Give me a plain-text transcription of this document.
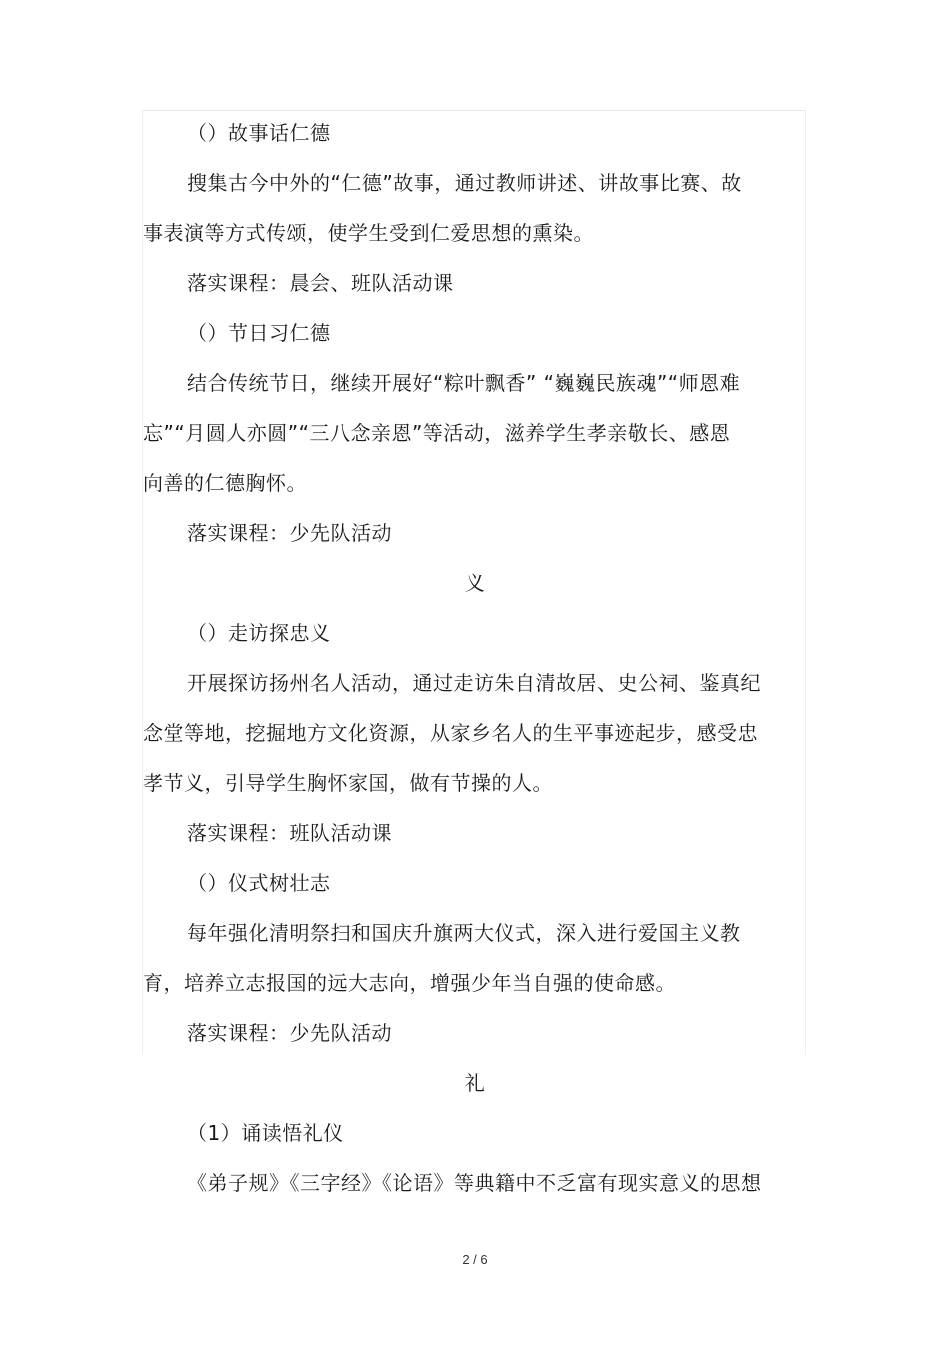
（）故事话仁德
搜集古今中外的“仁德”故事，通过教师讲述、讲故事比赛、故
事表演等方式传颂，使学生受到仁爱思想的熏染。
落实课程：晨会、班队活动课
（）节日习仁德
结合传统节日，继续开展好“粽叶飘香” “巍巍民族魂”“师恩难
忘”“月圆人亦圆”“三八念亲恩”等活动，滋养学生孝亲敬长、感恩
向善的仁德胸怀。
落实课程：少先队活动
义
（）走访探忠义
开展探访扬州名人活动，通过走访朱自清故居、史公祠、鉴真纪
念堂等地，挖掘地方文化资源，从家乡名人的生平事迹起步，感受忠
孝节义，引导学生胸怀家国，做有节操的人。
落实课程：班队活动课
（）仪式树壮志
每年强化清明祭扫和国庆升旗两大仪式，深入进行爱国主义教
育，培养立志报国的远大志向，增强少年当自强的使命感。
落实课程：少先队活动
礼
（1）诵读悟礼仪
《弟子规》《三字经》《论语》等典籍中不乏富有现实意义的思想
2 / 6
